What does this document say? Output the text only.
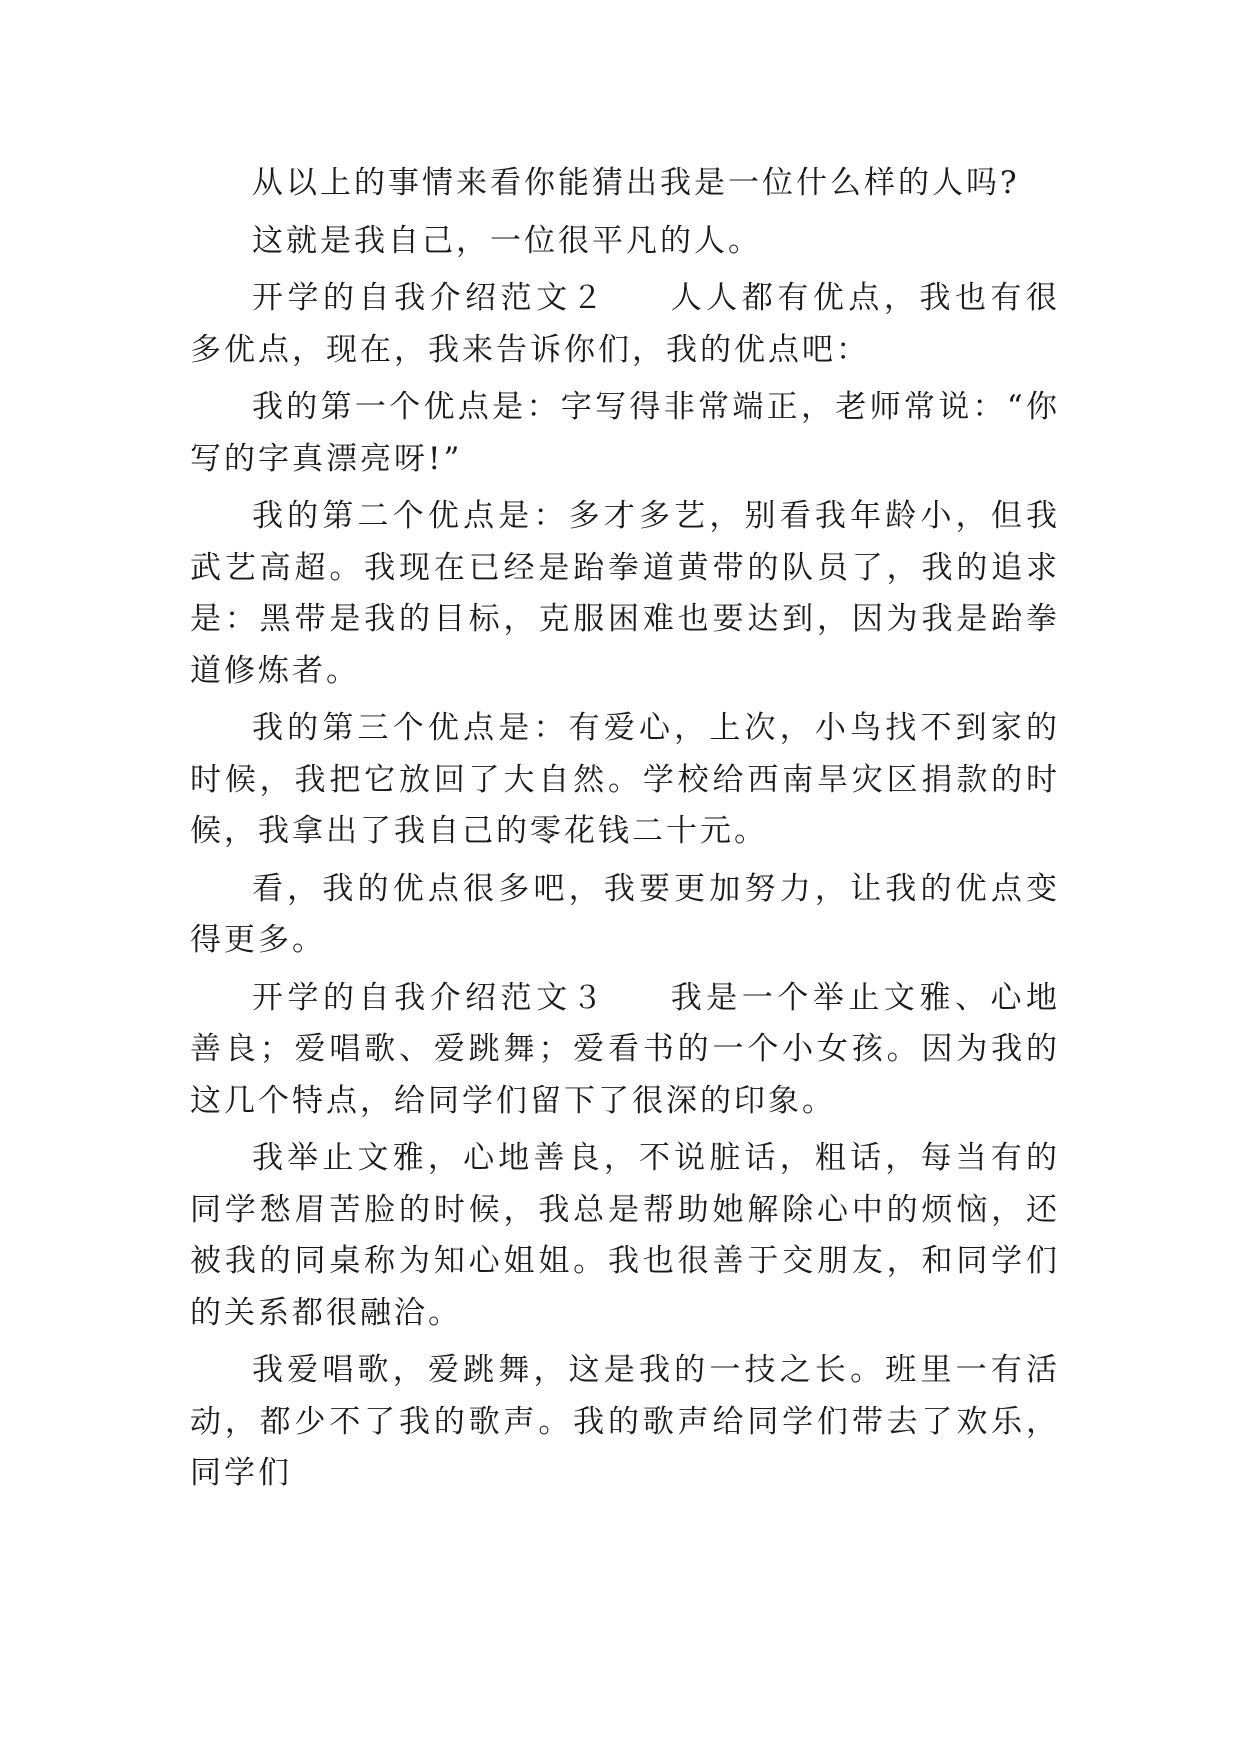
从以上的事情来看你能猜出我是一位什么样的人吗?

这就是我自己，一位很平凡的人。

开学的自我介绍范文２ 人人都有优点，我也有很多优点，现在，我来告诉你们，我的优点吧：

我的第一个优点是：字写得非常端正，老师常说：“你写的字真漂亮呀!”

我的第二个优点是：多才多艺，别看我年龄小，但我武艺高超。我现在已经是跆拳道黄带的队员了，我的追求是：黑带是我的目标，克服困难也要达到，因为我是跆拳道修炼者。

我的第三个优点是：有爱心，上次，小鸟找不到家的时候，我把它放回了大自然。学校给西南旱灾区捐款的时候，我拿出了我自己的零花钱二十元。

看，我的优点很多吧，我要更加努力，让我的优点变得更多。

开学的自我介绍范文３ 我是一个举止文雅、心地善良；爱唱歌、爱跳舞；爱看书的一个小女孩。因为我的这几个特点，给同学们留下了很深的印象。

我举止文雅，心地善良，不说脏话，粗话，每当有的同学愁眉苦脸的时候，我总是帮助她解除心中的烦恼，还被我的同桌称为知心姐姐。我也很善于交朋友，和同学们的关系都很融洽。

我爱唱歌，爱跳舞，这是我的一技之长。班里一有活动，都少不了我的歌声。我的歌声给同学们带去了欢乐，同学们
